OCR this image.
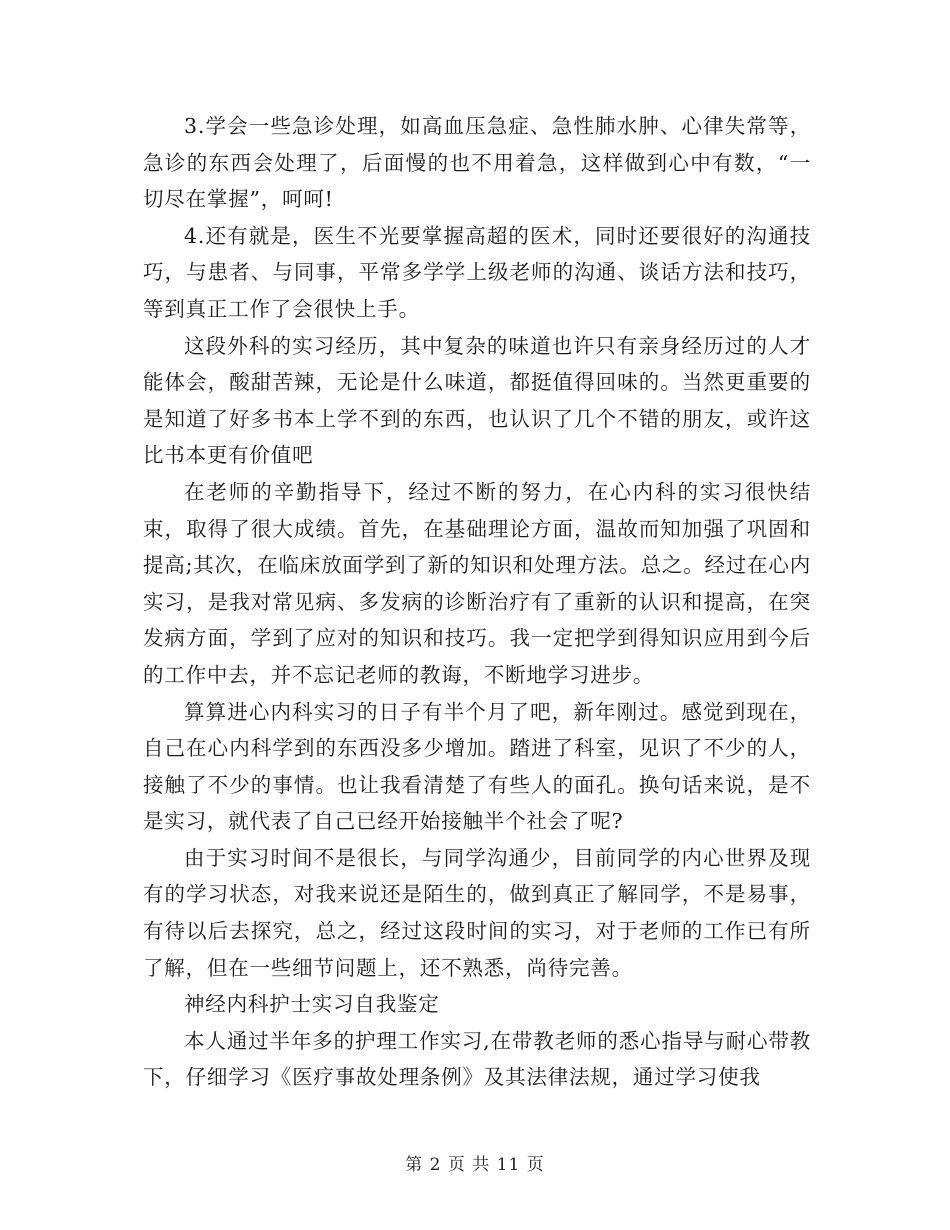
3.学会一些急诊处理，如高血压急症、急性肺水肿、心律失常等，急诊的东西会处理了，后面慢的也不用着急，这样做到心中有数，“一切尽在掌握”，呵呵!

4.还有就是，医生不光要掌握高超的医术，同时还要很好的沟通技巧，与患者、与同事，平常多学学上级老师的沟通、谈话方法和技巧，等到真正工作了会很快上手。

这段外科的实习经历，其中复杂的味道也许只有亲身经历过的人才能体会，酸甜苦辣，无论是什么味道，都挺值得回味的。当然更重要的是知道了好多书本上学不到的东西，也认识了几个不错的朋友，或许这比书本更有价值吧

在老师的辛勤指导下，经过不断的努力，在心内科的实习很快结束，取得了很大成绩。首先，在基础理论方面，温故而知加强了巩固和提高;其次，在临床放面学到了新的知识和处理方法。总之。经过在心内实习，是我对常见病、多发病的诊断治疗有了重新的认识和提高，在突发病方面，学到了应对的知识和技巧。我一定把学到得知识应用到今后的工作中去，并不忘记老师的教诲，不断地学习进步。

算算进心内科实习的日子有半个月了吧，新年刚过。感觉到现在，自己在心内科学到的东西没多少增加。踏进了科室，见识了不少的人，接触了不少的事情。也让我看清楚了有些人的面孔。换句话来说，是不是实习，就代表了自己已经开始接触半个社会了呢?

由于实习时间不是很长，与同学沟通少，目前同学的内心世界及现有的学习状态，对我来说还是陌生的，做到真正了解同学，不是易事，有待以后去探究，总之，经过这段时间的实习，对于老师的工作已有所了解，但在一些细节问题上，还不熟悉，尚待完善。

神经内科护士实习自我鉴定

本人通过半年多的护理工作实习,在带教老师的悉心指导与耐心带教下，仔细学习《医疗事故处理条例》及其法律法规，通过学习使我

第 2 页 共 11 页
